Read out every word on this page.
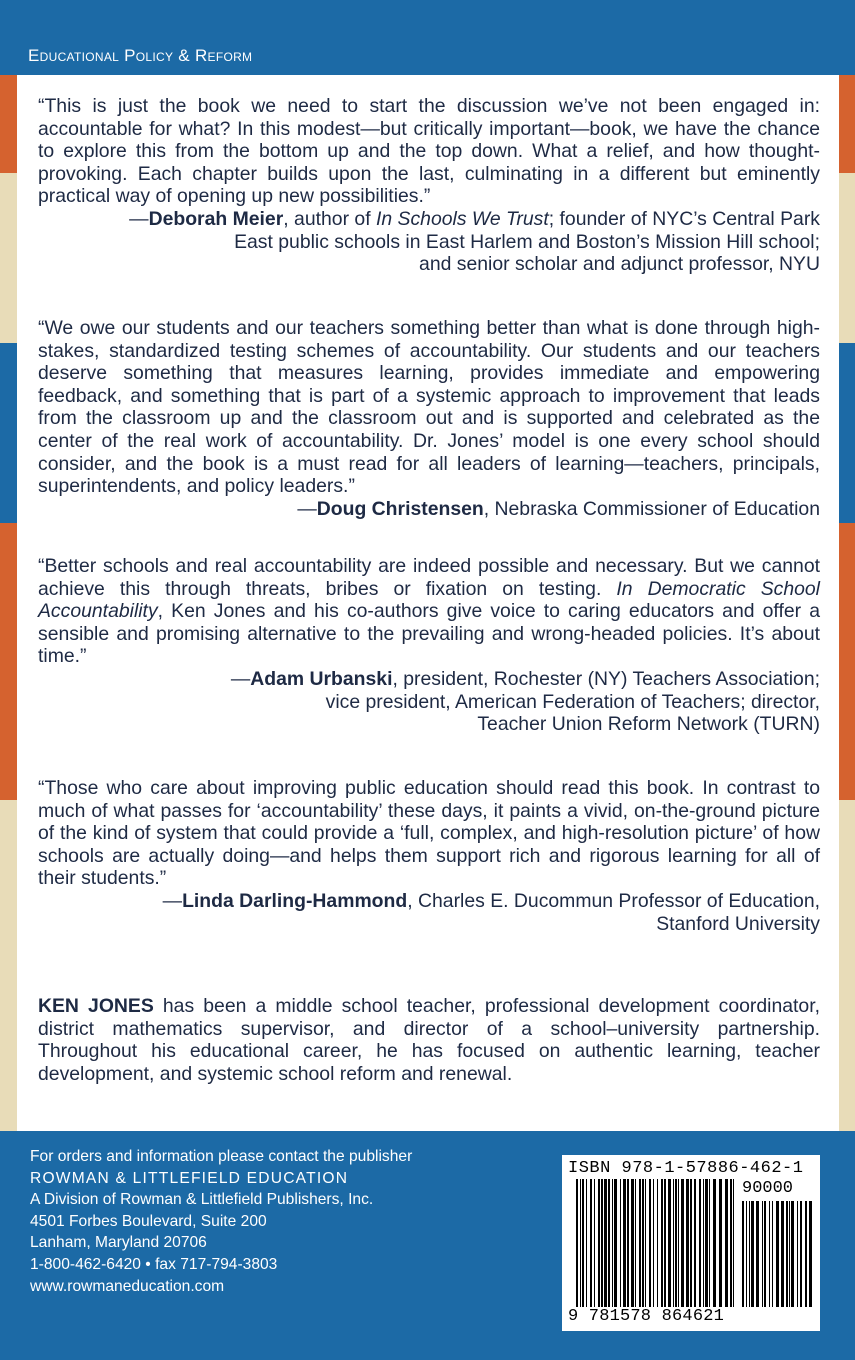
Educational Policy & Reform
“This is just the book we need to start the discussion we’ve not been engaged in: accountable for what? In this modest—but critically important—book, we have the chance to explore this from the bottom up and the top down. What a relief, and how thought-provoking. Each chapter builds upon the last, culminating in a different but eminently practical way of opening up new possibilities.”
—Deborah Meier, author of In Schools We Trust; founder of NYC’s Central Park
East public schools in East Harlem and Boston’s Mission Hill school;
and senior scholar and adjunct professor, NYU
“We owe our students and our teachers something better than what is done through high-stakes, standardized testing schemes of accountability. Our students and our teachers deserve something that measures learning, provides immediate and empowering feedback, and something that is part of a systemic approach to improvement that leads from the classroom up and the classroom out and is supported and celebrated as the center of the real work of accountability. Dr. Jones’ model is one every school should consider, and the book is a must read for all leaders of learning—teachers, principals, superintendents, and policy leaders.”
—Doug Christensen, Nebraska Commissioner of Education
“Better schools and real accountability are indeed possible and necessary. But we cannot achieve this through threats, bribes or fixation on testing. In Democratic School Accountability, Ken Jones and his co-authors give voice to caring educators and offer a sensible and promising alternative to the prevailing and wrong-headed policies. It’s about time.”
—Adam Urbanski, president, Rochester (NY) Teachers Association;
vice president, American Federation of Teachers; director,
Teacher Union Reform Network (TURN)
“Those who care about improving public education should read this book. In contrast to much of what passes for ‘accountability’ these days, it paints a vivid, on-the-ground picture of the kind of system that could provide a ‘full, complex, and high-resolution picture’ of how schools are actually doing—and helps them support rich and rigorous learning for all of their students.”
—Linda Darling-Hammond, Charles E. Ducommun Professor of Education,
Stanford University
KEN JONES has been a middle school teacher, professional development coordinator, district mathematics supervisor, and director of a school–university partnership. Throughout his educational career, he has focused on authentic learning, teacher development, and systemic school reform and renewal.
For orders and information please contact the publisher
ROWMAN & LITTLEFIELD EDUCATION
A Division of Rowman & Littlefield Publishers, Inc.
4501 Forbes Boulevard, Suite 200
Lanham, Maryland 20706
1-800-462-6420 • fax 717-794-3803
www.rowmaneducation.com
ISBN 978-1-57886-462-1
90000
9 781578 864621
